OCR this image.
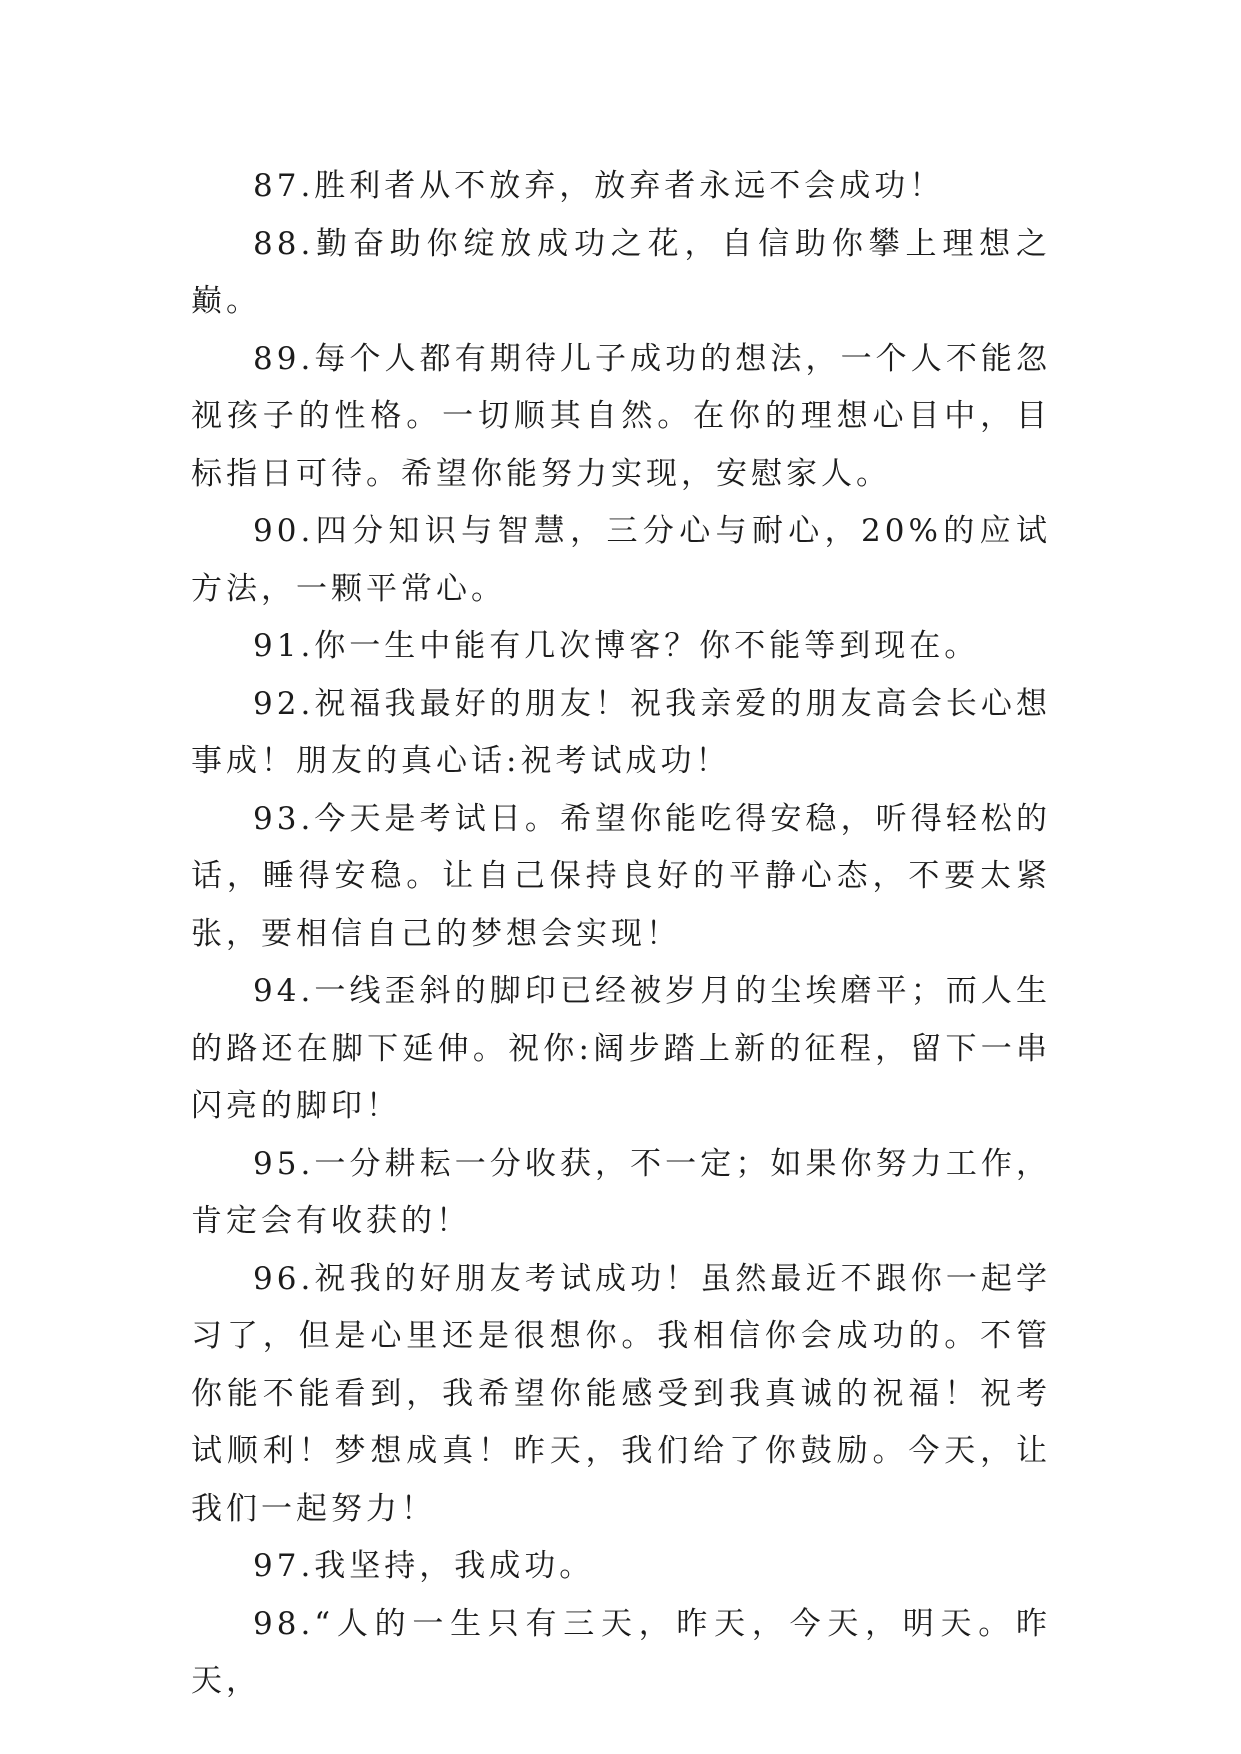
87.胜利者从不放弃，放弃者永远不会成功！

88.勤奋助你绽放成功之花，自信助你攀上理想之巅。

89.每个人都有期待儿子成功的想法，一个人不能忽视孩子的性格。一切顺其自然。在你的理想心目中，目标指日可待。希望你能努力实现，安慰家人。

90.四分知识与智慧，三分心与耐心，20%的应试方法，一颗平常心。

91.你一生中能有几次博客？你不能等到现在。

92.祝福我最好的朋友！祝我亲爱的朋友高会长心想事成！朋友的真心话:祝考试成功！

93.今天是考试日。希望你能吃得安稳，听得轻松的话，睡得安稳。让自己保持良好的平静心态，不要太紧张，要相信自己的梦想会实现！

94.一线歪斜的脚印已经被岁月的尘埃磨平；而人生的路还在脚下延伸。祝你:阔步踏上新的征程，留下一串闪亮的脚印！

95.一分耕耘一分收获，不一定；如果你努力工作，肯定会有收获的！

96.祝我的好朋友考试成功！虽然最近不跟你一起学习了，但是心里还是很想你。我相信你会成功的。不管你能不能看到，我希望你能感受到我真诚的祝福！祝考试顺利！梦想成真！昨天，我们给了你鼓励。今天，让我们一起努力！

97.我坚持，我成功。

98.“人的一生只有三天，昨天，今天，明天。昨天，
